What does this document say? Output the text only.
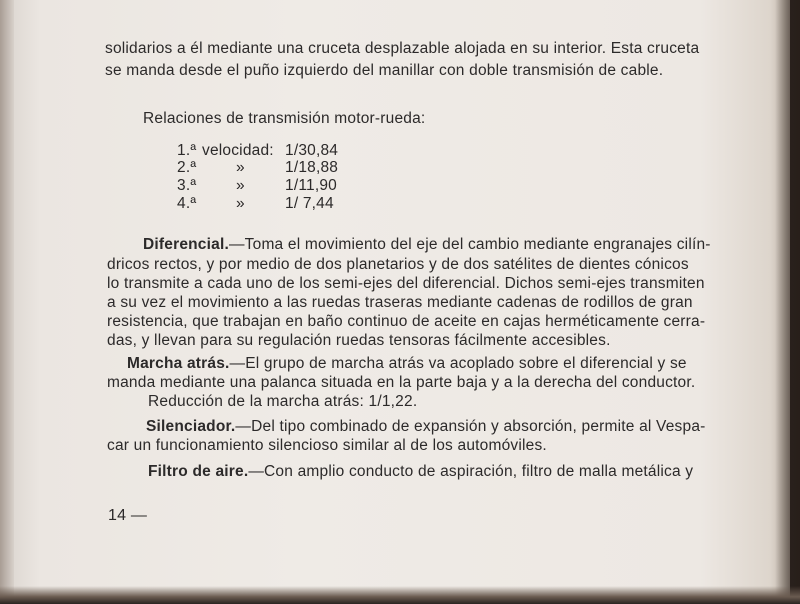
solidarios a él mediante una cruceta desplazable alojada en su interior. Esta cruceta
se manda desde el puño izquierdo del manillar con doble transmisión de cable.
Relaciones de transmisión motor-rueda:
1.ª velocidad: 1/30,84
2.ª	»	1/18,88
3.ª	»	1/11,90
4.ª	»	1/ 7,44
Diferencial.—Toma el movimiento del eje del cambio mediante engranajes cilín-
dricos rectos, y por medio de dos planetarios y de dos satélites de dientes cónicos
lo transmite a cada uno de los semi-ejes del diferencial. Dichos semi-ejes transmiten
a su vez el movimiento a las ruedas traseras mediante cadenas de rodillos de gran
resistencia, que trabajan en baño continuo de aceite en cajas herméticamente cerra-
das, y llevan para su regulación ruedas tensoras fácilmente accesibles.
Marcha atrás.—El grupo de marcha atrás va acoplado sobre el diferencial y se
manda mediante una palanca situada en la parte baja y a la derecha del conductor.
Reducción de la marcha atrás: 1/1,22.
Silenciador.—Del tipo combinado de expansión y absorción, permite al Vespa-
car un funcionamiento silencioso similar al de los automóviles.
Filtro de aire.—Con amplio conducto de aspiración, filtro de malla metálica y
14 —
